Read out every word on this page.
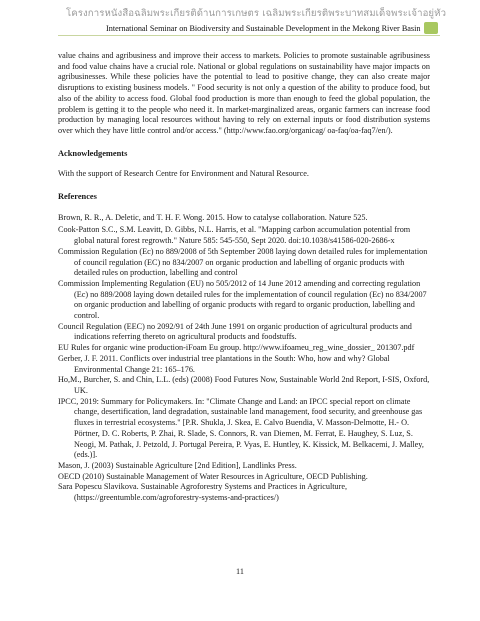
โครงการหนังสือฉลิมพระเกียรติด้านการเกษตร เฉลิมพระเกียรติพระบาทสมเด็จพระเจ้าอยู่หัว
International Seminar on Biodiversity and Sustainable Development in the Mekong River Basin

value chains and agribusiness and improve their access to markets. Policies to promote sustainable agribusiness and food value chains have a crucial role. National or global regulations on sustainability have major impacts on agribusinesses. While these policies have the potential to lead to positive change, they can also create major disruptions to existing business models. " Food security is not only a question of the ability to produce food, but also of the ability to access food. Global food production is more than enough to feed the global population, the problem is getting it to the people who need it. In market-marginalized areas, organic farmers can increase food production by managing local resources without having to rely on external inputs or food distribution systems over which they have little control and/or access." (http://www.fao.org/organicag/ oa-faq/oa-faq7/en/).

Acknowledgements

With the support of Research Centre for Environment and Natural Resource.

References
Brown, R. R., A. Deletic, and T. H. F. Wong. 2015. How to catalyse collaboration. Nature 525.
Cook-Patton S.C., S.M. Leavitt, D. Gibbs, N.L. Harris, et al. "Mapping carbon accumulation potential from global natural forest regrowth." Nature 585: 545-550, Sept 2020. doi:10.1038/s41586-020-2686-x
Commission Regulation (Ec) no 889/2008 of 5th September 2008 laying down detailed rules for implementation of council regulation (EC) no 834/2007 on organic production and labelling of organic products with detailed rules on production, labelling and control
Commission Implementing Regulation (EU) no 505/2012 of 14 June 2012 amending and correcting regulation (Ec) no 889/2008 laying down detailed rules for the implementation of council regulation (Ec) no 834/2007 on organic production and labelling of organic products with regard to organic production, labelling and control.
Council Regulation (EEC) no 2092/91 of 24th June 1991 on organic production of agricultural products and indications referring thereto on agricultural products and foodstuffs.
EU Rules for organic wine production-iFoam Eu group. http://www.ifoameu_reg_wine_dossier_ 201307.pdf
Gerber, J. F. 2011. Conflicts over industrial tree plantations in the South: Who, how and why? Global Environmental Change 21: 165–176.
Ho,M., Burcher, S. and Chin, L.L. (eds) (2008) Food Futures Now, Sustainable World 2nd Report, I-SIS, Oxford, UK.
IPCC, 2019: Summary for Policymakers. In: "Climate Change and Land: an IPCC special report on climate change, desertification, land degradation, sustainable land management, food security, and greenhouse gas fluxes in terrestrial ecosystems." [P.R. Shukla, J. Skea, E. Calvo Buendia, V. Masson-Delmotte, H.- O. Pörtner, D. C. Roberts, P. Zhai, R. Slade, S. Connors, R. van Diemen, M. Ferrat, E. Haughey, S. Luz, S. Neogi, M. Pathak, J. Petzold, J. Portugal Pereira, P. Vyas, E. Huntley, K. Kissick, M. Belkacemi, J. Malley, (eds.)].
Mason, J. (2003) Sustainable Agriculture [2nd Edition], Landlinks Press.
OECD (2010) Sustainable Management of Water Resources in Agriculture, OECD Publishing.
Sara Popescu Slavikova. Sustainable Agroforestry Systems and Practices in Agriculture, (https://greentumble.com/agroforestry-systems-and-practices/)
11
